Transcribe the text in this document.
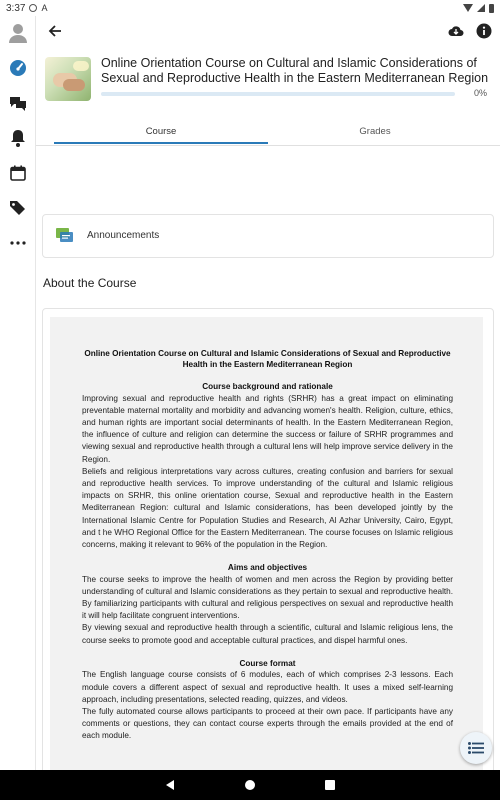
3:37 A
Online Orientation Course on Cultural and Islamic Considerations of Sexual and Reproductive Health in the Eastern Mediterranean Region
0%
Course	Grades
Announcements
About the Course
Online Orientation Course on Cultural and Islamic Considerations of Sexual and Reproductive Health in the Eastern Mediterranean Region
Course background and rationale

Improving sexual and reproductive health and rights (SRHR) has a great impact on eliminating preventable maternal mortality and morbidity and advancing women's health. Religion, culture, ethics, and human rights are important social determinants of health. In the Eastern Mediterranean Region, the influence of culture and religion can determine the success or failure of SRHR programmes and viewing sexual and reproductive health through a cultural lens will help improve service delivery in the Region.

Beliefs and religious interpretations vary across cultures, creating confusion and barriers for sexual and reproductive health services. To improve understanding of the cultural and Islamic religious impacts on SRHR, this online orientation course, Sexual and reproductive health in the Eastern Mediterranean Region: cultural and Islamic considerations, has been developed jointly by the International Islamic Centre for Population Studies and Research, Al Azhar University, Cairo, Egypt, and t he WHO Regional Office for the Eastern Mediterranean. The course focuses on Islamic religious concerns, making it relevant to 96% of the population in the Region.

Aims and objectives

The course seeks to improve the health of women and men across the Region by providing better understanding of cultural and Islamic considerations as they pertain to sexual and reproductive health. By familiarizing participants with cultural and religious perspectives on sexual and reproductive health it will help facilitate congruent interventions.

By viewing sexual and reproductive health through a scientific, cultural and Islamic religious lens, the course seeks to promote good and acceptable cultural practices, and dispel harmful ones.

Course format

The English language course consists of 6 modules, each of which comprises 2-3 lessons. Each module covers a different aspect of sexual and reproductive health. It uses a mixed self-learning approach, including presentations, selected reading, quizzes, and videos.

The fully automated course allows participants to proceed at their own pace. If participants have any comments or questions, they can contact course experts through the emails provided at the end of each module.
